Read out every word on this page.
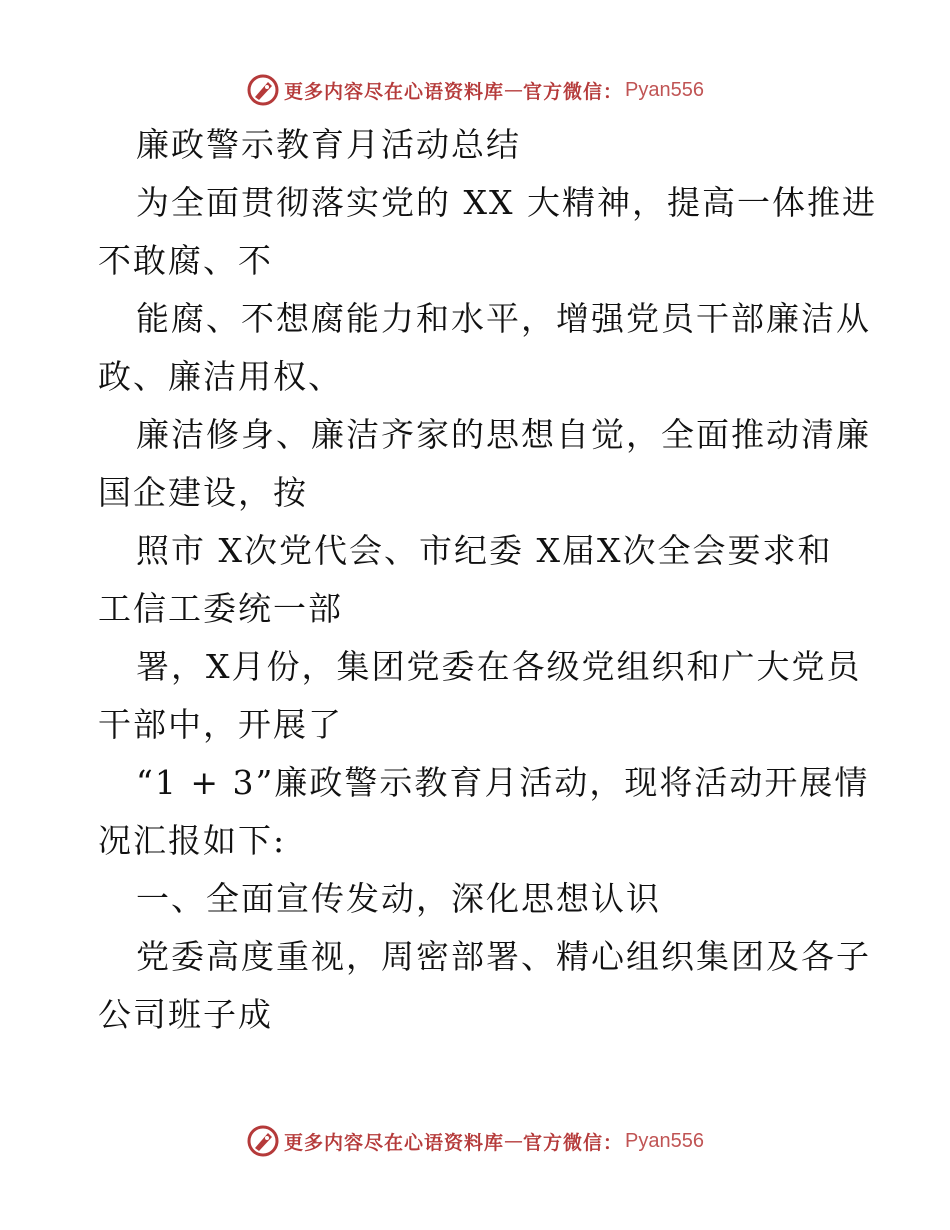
更多内容尽在心语资料库 — 官方微信： Pyan556
廉政警示教育月活动总结
为全面贯彻落实党的 XX 大精神，提高一体推进
不敢腐、不
能腐、不想腐能力和水平，增强党员干部廉洁从
政、廉洁用权、
廉洁修身、廉洁齐家的思想自觉，全面推动清廉
国企建设，按
照市 X次党代会、市纪委 X届X次全会要求和
工信工委统一部
署，X月份，集团党委在各级党组织和广大党员
干部中，开展了
“1 + 3”廉政警示教育月活动，现将活动开展情
况汇报如下:
一、全面宣传发动，深化思想认识
党委高度重视，周密部署、精心组织集团及各子
公司班子成
更多内容尽在心语资料库 — 官方微信： Pyan556
